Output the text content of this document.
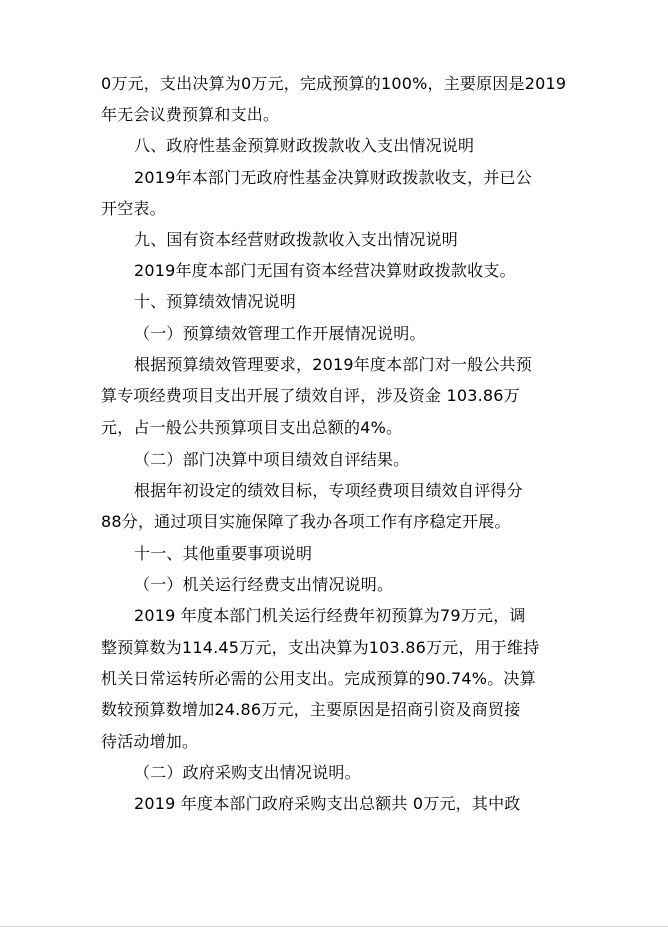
0万元，支出决算为0万元，完成预算的100%，主要原因是2019
年无会议费预算和支出。
八、政府性基金预算财政拨款收入支出情况说明
2019年本部门无政府性基金决算财政拨款收支，并已公
开空表。
九、国有资本经营财政拨款收入支出情况说明
2019年度本部门无国有资本经营决算财政拨款收支。
十、预算绩效情况说明
（一）预算绩效管理工作开展情况说明。
根据预算绩效管理要求，2019年度本部门对一般公共预
算专项经费项目支出开展了绩效自评，涉及资金 103.86万
元，占一般公共预算项目支出总额的4%。
（二）部门决算中项目绩效自评结果。
根据年初设定的绩效目标，专项经费项目绩效自评得分
88分，通过项目实施保障了我办各项工作有序稳定开展。
十一、其他重要事项说明
（一）机关运行经费支出情况说明。
2019 年度本部门机关运行经费年初预算为79万元，调
整预算数为114.45万元，支出决算为103.86万元，用于维持
机关日常运转所必需的公用支出。完成预算的90.74%。决算
数较预算数增加24.86万元，主要原因是招商引资及商贸接
待活动增加。
（二）政府采购支出情况说明。
2019 年度本部门政府采购支出总额共 0万元，其中政
